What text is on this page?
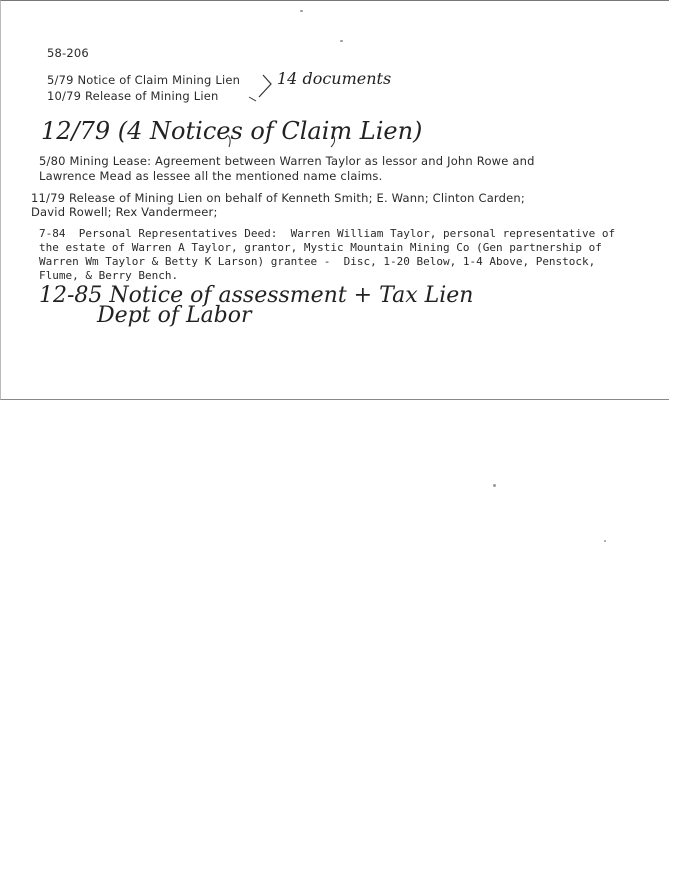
58-206
5/79 Notice of Claim Mining Lien
10/79 Release of Mining Lien
14 documents
12/79 (4 Notices of Claim Lien)
5/80 Mining Lease: Agreement between Warren Taylor as lessor and John Rowe and
Lawrence Mead as lessee all the mentioned name claims.
11/79 Release of Mining Lien on behalf of Kenneth Smith; E. Wann; Clinton Carden;
David Rowell; Rex Vandermeer;
7-84  Personal Representatives Deed:  Warren William Taylor, personal representative of
the estate of Warren A Taylor, grantor, Mystic Mountain Mining Co (Gen partnership of
Warren Wm Taylor & Betty K Larson) grantee -  Disc, 1-20 Below, 1-4 Above, Penstock,
Flume, & Berry Bench.
12-85 Notice of assessment + Tax Lien
Dept of Labor
